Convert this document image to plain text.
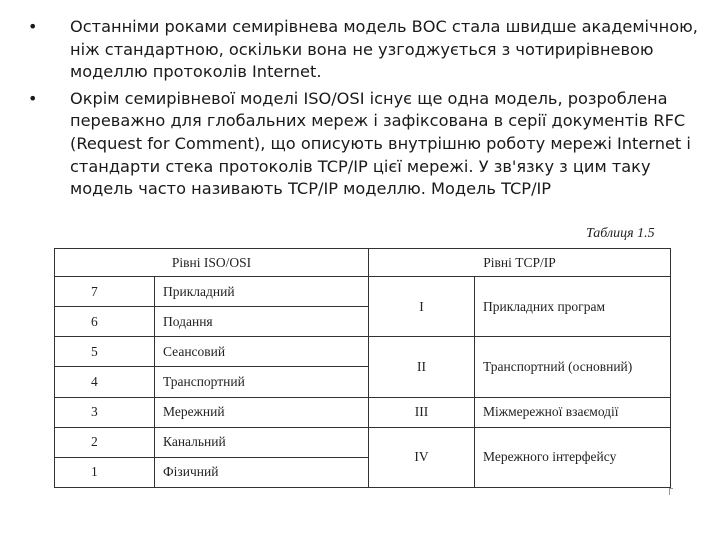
• Останніми роками семирівнева модель ВОС стала швидше академічною, ніж стандартною, оскільки вона не узгоджується з чотирирівневою моделлю протоколів Internet.
• Окрім семирівневої моделі ISO/OSI існує ще одна модель, розроблена переважно для глобальних мереж і зафіксована в серії документів RFC (Request for Comment), що описують внутрішню роботу мережі Internet і стандарти стека протоколів TCP/IP цієї мережі. У зв'язку з цим таку модель часто називають TCP/IP моделлю. Модель TCP/IP
Таблиця 1.5
Рівні ISO/OSI		Рівні TCP/IP	
7	Прикладний	I	Прикладних програм
6	Подання		
5	Сеансовий	II	Транспортний (основний)
4	Транспортний		
3	Мережний	III	Міжмережної взаємодії
2	Канальний	IV	Мережного інтерфейсу
1	Фізичний		
